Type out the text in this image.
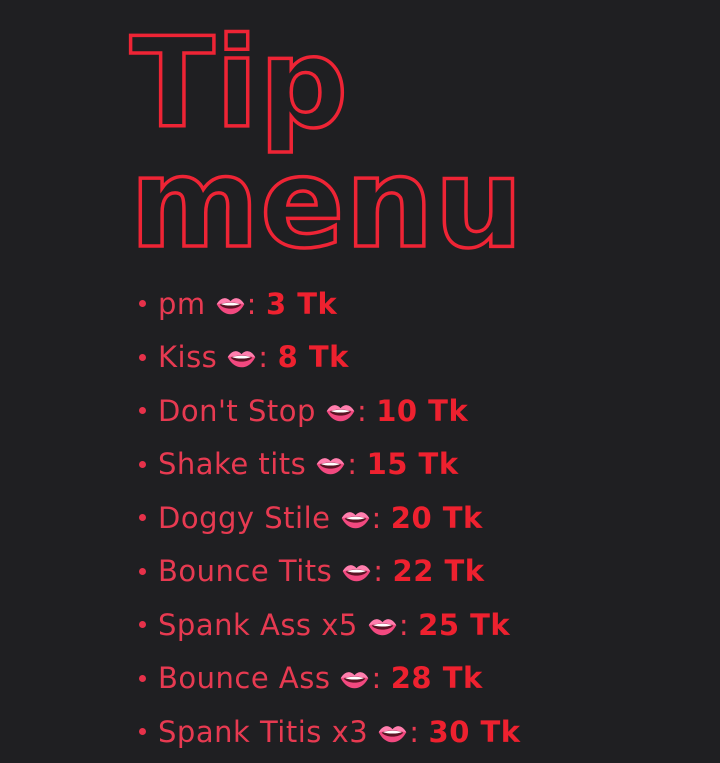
Tip
menu
pm : 3 Tk
Kiss : 8 Tk
Don't Stop : 10 Tk
Shake tits : 15 Tk
Doggy Stile : 20 Tk
Bounce Tits : 22 Tk
Spank Ass x5 : 25 Tk
Bounce Ass : 28 Tk
Spank Titis x3 : 30 Tk
